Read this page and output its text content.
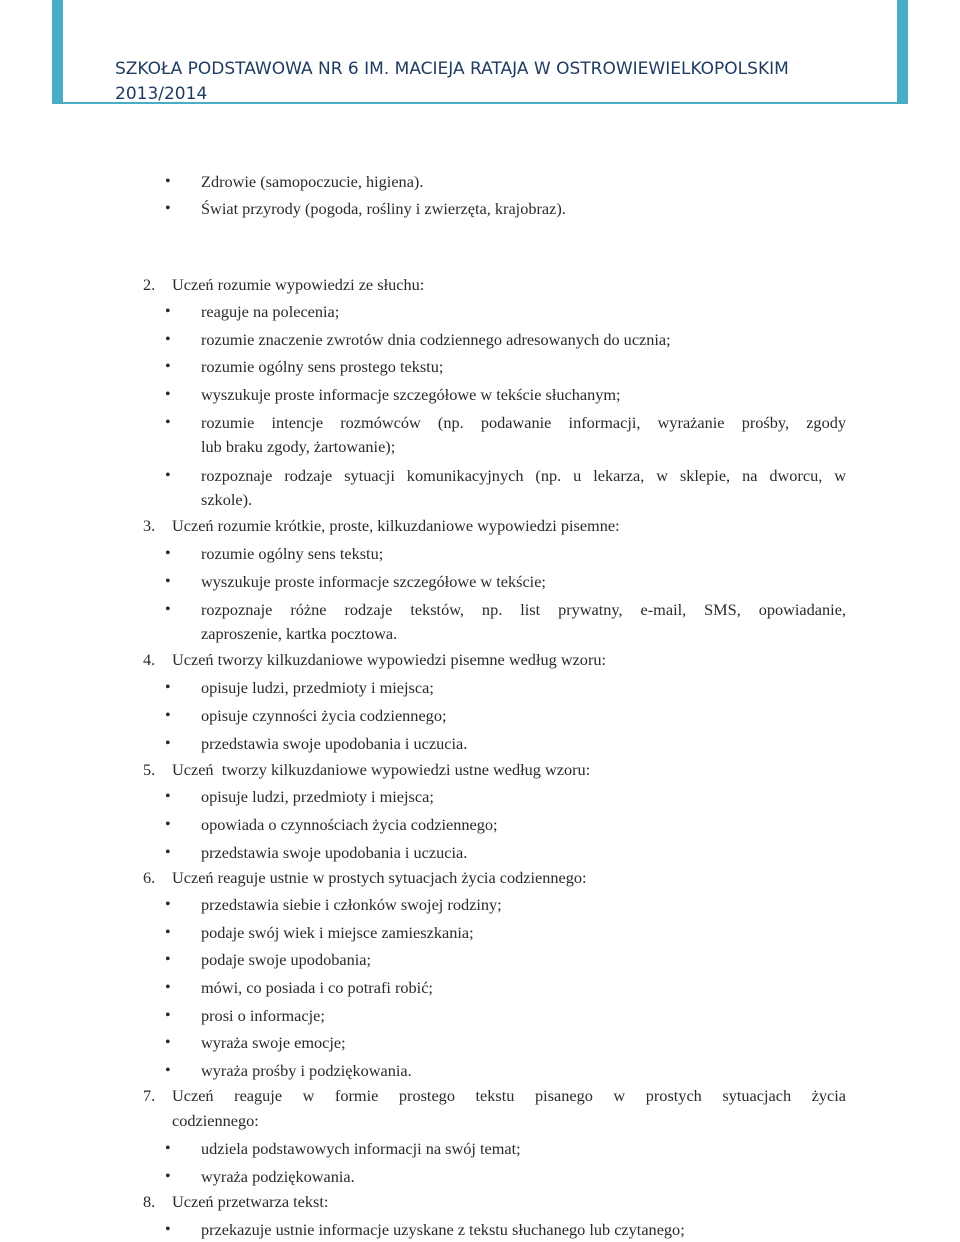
SZKOŁA PODSTAWOWA NR 6 IM. MACIEJA RATAJA W OSTROWIEWIELKOPOLSKIM
2013/2014
• Zdrowie (samopoczucie, higiena).

• Świat przyrody (pogoda, rośliny i zwierzęta, krajobraz).

2. Uczeń rozumie wypowiedzi ze słuchu:

• reaguje na polecenia;

• rozumie znaczenie zwrotów dnia codziennego adresowanych do ucznia;

• rozumie ogólny sens prostego tekstu;

• wyszukuje proste informacje szczegółowe w tekście słuchanym;

• rozumie intencje rozmówców (np. podawanie informacji, wyrażanie prośby, zgody

lub braku zgody, żartowanie);

• rozpoznaje rodzaje sytuacji komunikacyjnych (np. u lekarza, w sklepie, na dworcu, w

szkole).

3. Uczeń rozumie krótkie, proste, kilkuzdaniowe wypowiedzi pisemne:

• rozumie ogólny sens tekstu;

• wyszukuje proste informacje szczegółowe w tekście;

• rozpoznaje różne rodzaje tekstów, np. list prywatny, e-mail, SMS, opowiadanie,

zaproszenie, kartka pocztowa.

4. Uczeń tworzy kilkuzdaniowe wypowiedzi pisemne według wzoru:

• opisuje ludzi, przedmioty i miejsca;

• opisuje czynności życia codziennego;

• przedstawia swoje upodobania i uczucia.

5. Uczeń  tworzy kilkuzdaniowe wypowiedzi ustne według wzoru:

• opisuje ludzi, przedmioty i miejsca;

• opowiada o czynnościach życia codziennego;

• przedstawia swoje upodobania i uczucia.

6. Uczeń reaguje ustnie w prostych sytuacjach życia codziennego:

• przedstawia siebie i członków swojej rodziny;

• podaje swój wiek i miejsce zamieszkania;

• podaje swoje upodobania;

• mówi, co posiada i co potrafi robić;

• prosi o informacje;

• wyraża swoje emocje;

• wyraża prośby i podziękowania.

7. Uczeń reaguje w formie prostego tekstu pisanego w prostych sytuacjach życia

codziennego:

• udziela podstawowych informacji na swój temat;

• wyraża podziękowania.

8. Uczeń przetwarza tekst:

• przekazuje ustnie informacje uzyskane z tekstu słuchanego lub czytanego;
